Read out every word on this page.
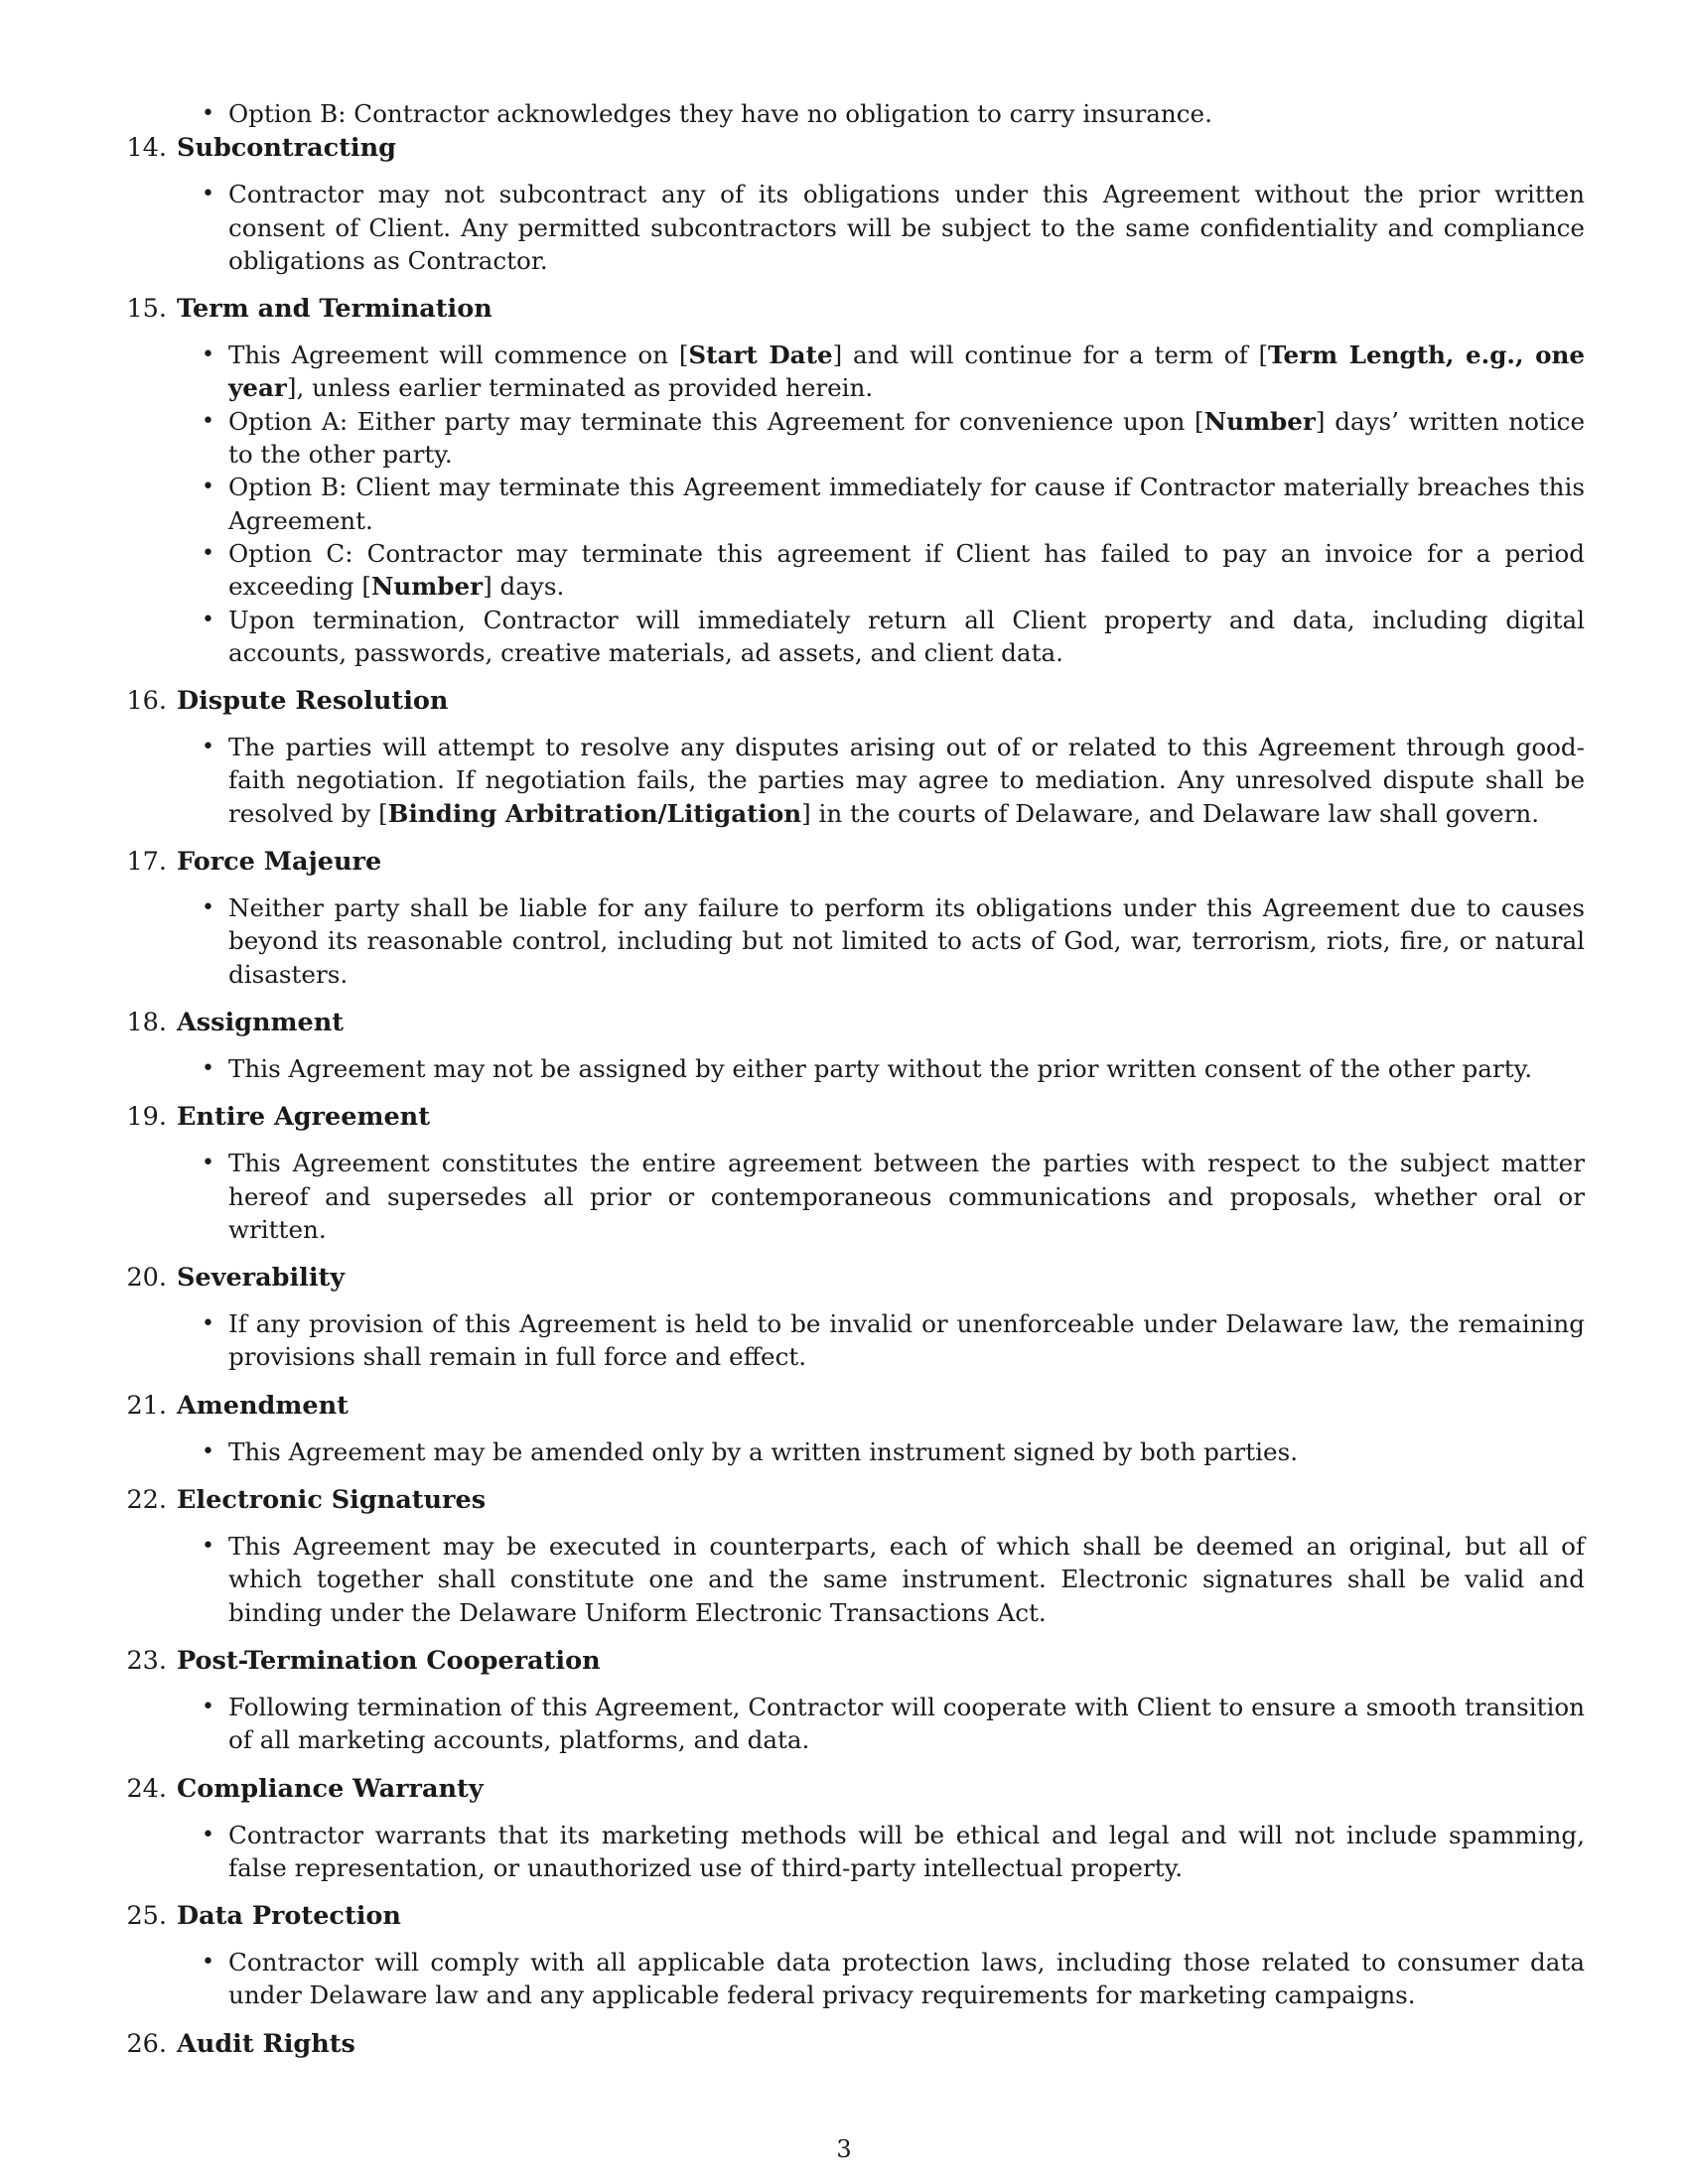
• Option B: Contractor acknowledges they have no obligation to carry insurance.
14. Subcontracting
• Contractor may not subcontract any of its obligations under this Agreement without the prior written consent of Client. Any permitted subcontractors will be subject to the same confidentiality and compliance obligations as Contractor.
15. Term and Termination
• This Agreement will commence on [Start Date] and will continue for a term of [Term Length, e.g., one year], unless earlier terminated as provided herein.
• Option A: Either party may terminate this Agreement for convenience upon [Number] days’ written notice to the other party.
• Option B: Client may terminate this Agreement immediately for cause if Contractor materially breaches this Agreement.
• Option C: Contractor may terminate this agreement if Client has failed to pay an invoice for a period exceeding [Number] days.
• Upon termination, Contractor will immediately return all Client property and data, including digital accounts, passwords, creative materials, ad assets, and client data.
16. Dispute Resolution
• The parties will attempt to resolve any disputes arising out of or related to this Agreement through good-faith negotiation. If negotiation fails, the parties may agree to mediation. Any unresolved dispute shall be resolved by [Binding Arbitration/Litigation] in the courts of Delaware, and Delaware law shall govern.
17. Force Majeure
• Neither party shall be liable for any failure to perform its obligations under this Agreement due to causes beyond its reasonable control, including but not limited to acts of God, war, terrorism, riots, fire, or natural disasters.
18. Assignment
• This Agreement may not be assigned by either party without the prior written consent of the other party.
19. Entire Agreement
• This Agreement constitutes the entire agreement between the parties with respect to the subject matter hereof and supersedes all prior or contemporaneous communications and proposals, whether oral or written.
20. Severability
• If any provision of this Agreement is held to be invalid or unenforceable under Delaware law, the remaining provisions shall remain in full force and effect.
21. Amendment
• This Agreement may be amended only by a written instrument signed by both parties.
22. Electronic Signatures
• This Agreement may be executed in counterparts, each of which shall be deemed an original, but all of which together shall constitute one and the same instrument. Electronic signatures shall be valid and binding under the Delaware Uniform Electronic Transactions Act.
23. Post-Termination Cooperation
• Following termination of this Agreement, Contractor will cooperate with Client to ensure a smooth transition of all marketing accounts, platforms, and data.
24. Compliance Warranty
• Contractor warrants that its marketing methods will be ethical and legal and will not include spamming, false representation, or unauthorized use of third-party intellectual property.
25. Data Protection
• Contractor will comply with all applicable data protection laws, including those related to consumer data under Delaware law and any applicable federal privacy requirements for marketing campaigns.
26. Audit Rights
3
